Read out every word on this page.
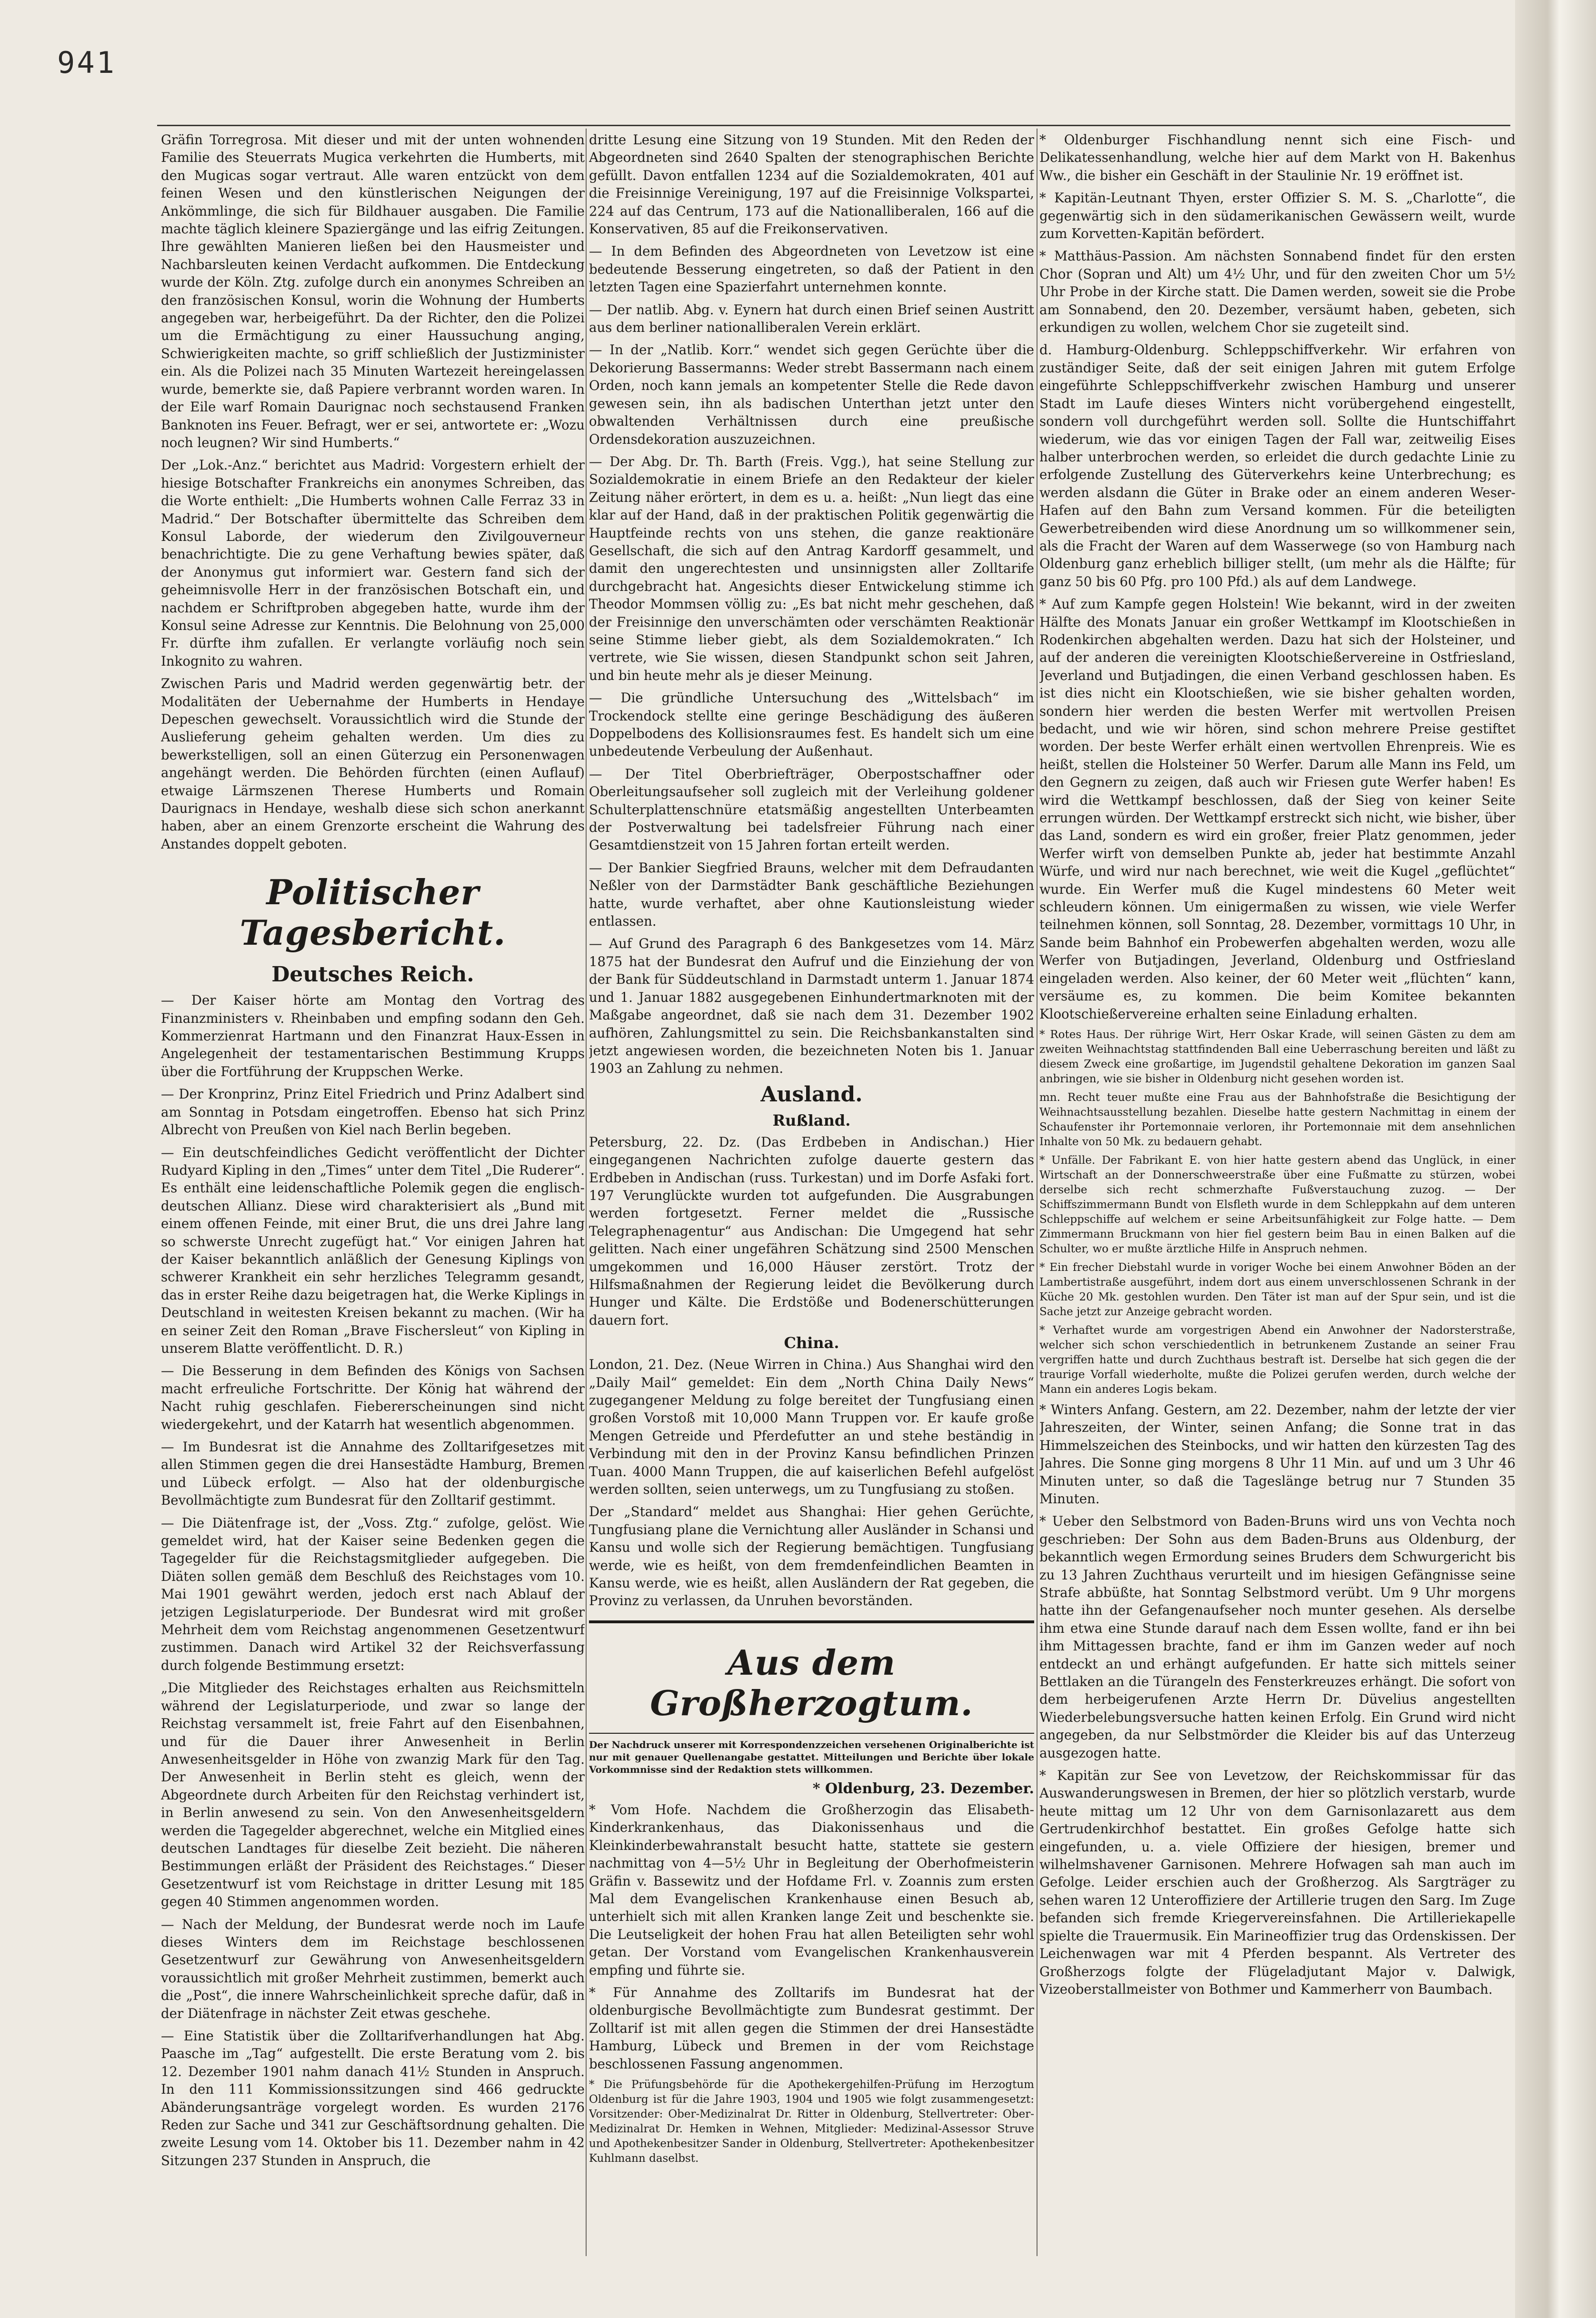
941

Gräfin Torregrosa. Mit dieser und mit der unten wohnenden Familie des Steuerrats Mugica verkehrten die Humberts, mit den Mugicas sogar vertraut. Alle waren entzückt von dem feinen Wesen und den künstlerischen Neigungen der Ankömmlinge, die sich für Bildhauer ausgaben. Die Familie machte täglich kleinere Spaziergänge und las eifrig Zeitungen. Ihre gewählten Manieren ließen bei den Hausmeister und Nachbarsleuten keinen Verdacht aufkommen. Die Entdeckung wurde der Köln. Ztg. zufolge durch ein anonymes Schreiben an den französischen Konsul, worin die Wohnung der Humberts angegeben war, herbeigeführt. Da der Richter, den die Polizei um die Ermächtigung zu einer Haussuchung anging, Schwierigkeiten machte, so griff schließlich der Justizminister ein. Als die Polizei nach 35 Minuten Wartezeit hereingelassen wurde, bemerkte sie, daß Papiere verbrannt worden waren. In der Eile warf Romain Daurignac noch sechstausend Franken Banknoten ins Feuer. Befragt, wer er sei, antwortete er: „Wozu noch leugnen? Wir sind Humberts.“

Der „Lok.-Anz.“ berichtet aus Madrid: Vorgestern erhielt der hiesige Botschafter Frankreichs ein anonymes Schreiben, das die Worte enthielt: „Die Humberts wohnen Calle Ferraz 33 in Madrid.“ Der Botschafter übermittelte das Schreiben dem Konsul Laborde, der wiederum den Zivilgouverneur benachrichtigte. Die zu gene Verhaftung bewies später, daß der Anonymus gut informiert war. Gestern fand sich der geheimnisvolle Herr in der französischen Botschaft ein, und nachdem er Schriftproben abgegeben hatte, wurde ihm der Konsul seine Adresse zur Kenntnis. Die Belohnung von 25,000 Fr. dürfte ihm zufallen. Er verlangte vorläufig noch sein Inkognito zu wahren.

Zwischen Paris und Madrid werden gegenwärtig betr. der Modalitäten der Uebernahme der Humberts in Hendaye Depeschen gewechselt. Voraussichtlich wird die Stunde der Auslieferung geheim gehalten werden. Um dies zu bewerkstelligen, soll an einen Güterzug ein Personenwagen angehängt werden. Die Behörden fürchten (einen Auflauf) etwaige Lärmszenen Therese Humberts und Romain Daurignacs in Hendaye, weshalb diese sich schon anerkannt haben, aber an einem Grenzorte erscheint die Wahrung des Anstandes doppelt geboten.

Politischer Tagesbericht.
Deutsches Reich.

— Der Kaiser hörte am Montag den Vortrag des Finanzministers v. Rheinbaben und empfing sodann den Geh. Kommerzienrat Hartmann und den Finanzrat Haux-Essen in Angelegenheit der testamentarischen Bestimmung Krupps über die Fortführung der Kruppschen Werke.

— Der Kronprinz, Prinz Eitel Friedrich und Prinz Adalbert sind am Sonntag in Potsdam eingetroffen. Ebenso hat sich Prinz Albrecht von Preußen von Kiel nach Berlin begeben.

— Ein deutschfeindliches Gedicht veröffentlicht der Dichter Rudyard Kipling in den „Times“ unter dem Titel „Die Ruderer“. Es enthält eine leidenschaftliche Polemik gegen die englisch-deutschen Allianz. Diese wird charakterisiert als „Bund mit einem offenen Feinde, mit einer Brut, die uns drei Jahre lang so schwerste Unrecht zugefügt hat.“ Vor einigen Jahren hat der Kaiser bekanntlich anläßlich der Genesung Kiplings von schwerer Krankheit ein sehr herzliches Telegramm gesandt, das in erster Reihe dazu beigetragen hat, die Werke Kiplings in Deutschland in weitesten Kreisen bekannt zu machen. (Wir ha en seiner Zeit den Roman „Brave Fischersleut“ von Kipling in unserem Blatte veröffentlicht. D. R.)

— Die Besserung in dem Befinden des Königs von Sachsen macht erfreuliche Fortschritte. Der König hat während der Nacht ruhig geschlafen. Fiebererscheinungen sind nicht wiedergekehrt, und der Katarrh hat wesentlich abgenommen.

— Im Bundesrat ist die Annahme des Zolltarifgesetzes mit allen Stimmen gegen die drei Hansestädte Hamburg, Bremen und Lübeck erfolgt. — Also hat der oldenburgische Bevollmächtigte zum Bundesrat für den Zolltarif gestimmt.

— Die Diätenfrage ist, der „Voss. Ztg.“ zufolge, gelöst. Wie gemeldet wird, hat der Kaiser seine Bedenken gegen die Tagegelder für die Reichstagsmitglieder aufgegeben. Die Diäten sollen gemäß dem Beschluß des Reichstages vom 10. Mai 1901 gewährt werden, jedoch erst nach Ablauf der jetzigen Legislaturperiode. Der Bundesrat wird mit großer Mehrheit dem vom Reichstag angenommenen Gesetzentwurf zustimmen. Danach wird Artikel 32 der Reichsverfassung durch folgende Bestimmung ersetzt:

„Die Mitglieder des Reichstages erhalten aus Reichsmitteln während der Legislaturperiode, und zwar so lange der Reichstag versammelt ist, freie Fahrt auf den Eisenbahnen, und für die Dauer ihrer Anwesenheit in Berlin Anwesenheitsgelder in Höhe von zwanzig Mark für den Tag. Der Anwesenheit in Berlin steht es gleich, wenn der Abgeordnete durch Arbeiten für den Reichstag verhindert ist, in Berlin anwesend zu sein. Von den Anwesenheitsgeldern werden die Tagegelder abgerechnet, welche ein Mitglied eines deutschen Landtages für dieselbe Zeit bezieht. Die näheren Bestimmungen erläßt der Präsident des Reichstages.“ Dieser Gesetzentwurf ist vom Reichstage in dritter Lesung mit 185 gegen 40 Stimmen angenommen worden.

— Nach der Meldung, der Bundesrat werde noch im Laufe dieses Winters dem im Reichstage beschlossenen Gesetzentwurf zur Gewährung von Anwesenheitsgeldern voraussichtlich mit großer Mehrheit zustimmen, bemerkt auch die „Post“, die innere Wahrscheinlichkeit spreche dafür, daß in der Diätenfrage in nächster Zeit etwas geschehe.

— Eine Statistik über die Zolltarifverhandlungen hat Abg. Paasche im „Tag“ aufgestellt. Die erste Beratung vom 2. bis 12. Dezember 1901 nahm danach 41½ Stunden in Anspruch. In den 111 Kommissionssitzungen sind 466 gedruckte Abänderungsanträge vorgelegt worden. Es wurden 2176 Reden zur Sache und 341 zur Geschäftsordnung gehalten. Die zweite Lesung vom 14. Oktober bis 11. Dezember nahm in 42 Sitzungen 237 Stunden in Anspruch, die

dritte Lesung eine Sitzung von 19 Stunden. Mit den Reden der Abgeordneten sind 2640 Spalten der stenographischen Berichte gefüllt. Davon entfallen 1234 auf die Sozialdemokraten, 401 auf die Freisinnige Vereinigung, 197 auf die Freisinnige Volkspartei, 224 auf das Centrum, 173 auf die Nationalliberalen, 166 auf die Konservativen, 85 auf die Freikonservativen.

— In dem Befinden des Abgeordneten von Levetzow ist eine bedeutende Besserung eingetreten, so daß der Patient in den letzten Tagen eine Spazierfahrt unternehmen konnte.

— Der natlib. Abg. v. Eynern hat durch einen Brief seinen Austritt aus dem berliner nationalliberalen Verein erklärt.

— In der „Natlib. Korr.“ wendet sich gegen Gerüchte über die Dekorierung Bassermanns: Weder strebt Bassermann nach einem Orden, noch kann jemals an kompetenter Stelle die Rede davon gewesen sein, ihn als badischen Unterthan jetzt unter den obwaltenden Verhältnissen durch eine preußische Ordensdekoration auszuzeichnen.

— Der Abg. Dr. Th. Barth (Freis. Vgg.), hat seine Stellung zur Sozialdemokratie in einem Briefe an den Redakteur der kieler Zeitung näher erörtert, in dem es u. a. heißt: „Nun liegt das eine klar auf der Hand, daß in der praktischen Politik gegenwärtig die Hauptfeinde rechts von uns stehen, die ganze reaktionäre Gesellschaft, die sich auf den Antrag Kardorff gesammelt, und damit den ungerechtesten und unsinnigsten aller Zolltarife durchgebracht hat. Angesichts dieser Entwickelung stimme ich Theodor Mommsen völlig zu: „Es bat nicht mehr geschehen, daß der Freisinnige den unverschämten oder verschämten Reaktionär seine Stimme lieber giebt, als dem Sozialdemokraten.“ Ich vertrete, wie Sie wissen, diesen Standpunkt schon seit Jahren, und bin heute mehr als je dieser Meinung.

— Die gründliche Untersuchung des „Wittelsbach“ im Trockendock stellte eine geringe Beschädigung des äußeren Doppelbodens des Kollisionsraumes fest. Es handelt sich um eine unbedeutende Verbeulung der Außenhaut.

— Der Titel Oberbriefträger, Oberpostschaffner oder Oberleitungsaufseher soll zugleich mit der Verleihung goldener Schulterplattenschnüre etatsmäßig angestellten Unterbeamten der Postverwaltung bei tadelsfreier Führung nach einer Gesamtdienstzeit von 15 Jahren fortan erteilt werden.

— Der Bankier Siegfried Brauns, welcher mit dem Defraudanten Neßler von der Darmstädter Bank geschäftliche Beziehungen hatte, wurde verhaftet, aber ohne Kautionsleistung wieder entlassen.

— Auf Grund des Paragraph 6 des Bankgesetzes vom 14. März 1875 hat der Bundesrat den Aufruf und die Einziehung der von der Bank für Süddeutschland in Darmstadt unterm 1. Januar 1874 und 1. Januar 1882 ausgegebenen Einhundertmarknoten mit der Maßgabe angeordnet, daß sie nach dem 31. Dezember 1902 aufhören, Zahlungsmittel zu sein. Die Reichsbankanstalten sind jetzt angewiesen worden, die bezeichneten Noten bis 1. Januar 1903 an Zahlung zu nehmen.

Ausland.
Rußland.

Petersburg, 22. Dz. (Das Erdbeben in Andischan.) Hier eingegangenen Nachrichten zufolge dauerte gestern das Erdbeben in Andischan (russ. Turkestan) und im Dorfe Asfaki fort. 197 Verunglückte wurden tot aufgefunden. Die Ausgrabungen werden fortgesetzt. Ferner meldet die „Russische Telegraphenagentur“ aus Andischan: Die Umgegend hat sehr gelitten. Nach einer ungefähren Schätzung sind 2500 Menschen umgekommen und 16,000 Häuser zerstört. Trotz der Hilfsmaßnahmen der Regierung leidet die Bevölkerung durch Hunger und Kälte. Die Erdstöße und Bodenerschütterungen dauern fort.

China.

London, 21. Dez. (Neue Wirren in China.) Aus Shanghai wird den „Daily Mail“ gemeldet: Ein dem „North China Daily News“ zugegangener Meldung zu folge bereitet der Tungfusiang einen großen Vorstoß mit 10,000 Mann Truppen vor. Er kaufe große Mengen Getreide und Pferdefutter an und stehe beständig in Verbindung mit den in der Provinz Kansu befindlichen Prinzen Tuan. 4000 Mann Truppen, die auf kaiserlichen Befehl aufgelöst werden sollten, seien unterwegs, um zu Tungfusiang zu stoßen.

Der „Standard“ meldet aus Shanghai: Hier gehen Gerüchte, Tungfusiang plane die Vernichtung aller Ausländer in Schansi und Kansu und wolle sich der Regierung bemächtigen. Tungfusiang werde, wie es heißt, von dem fremdenfeindlichen Beamten in Kansu werde, wie es heißt, allen Ausländern der Rat gegeben, die Provinz zu verlassen, da Unruhen bevorständen.

Aus dem Großherzogtum.

Der Nachdruck unserer mit Korrespondenzzeichen versehenen Originalberichte ist nur mit genauer Quellenangabe gestattet. Mitteilungen und Berichte über lokale Vorkommnisse sind der Redaktion stets willkommen.

* Oldenburg, 23. Dezember.

* Vom Hofe. Nachdem die Großherzogin das Elisabeth-Kinderkrankenhaus, das Diakonissenhaus und die Kleinkinderbewahranstalt besucht hatte, stattete sie gestern nachmittag von 4—5½ Uhr in Begleitung der Oberhofmeisterin Gräfin v. Bassewitz und der Hofdame Frl. v. Zoannis zum ersten Mal dem Evangelischen Krankenhause einen Besuch ab, unterhielt sich mit allen Kranken lange Zeit und beschenkte sie. Die Leutseligkeit der hohen Frau hat allen Beteiligten sehr wohl getan. Der Vorstand vom Evangelischen Krankenhausverein empfing und führte sie.

* Für Annahme des Zolltarifs im Bundesrat hat der oldenburgische Bevollmächtigte zum Bundesrat gestimmt. Der Zolltarif ist mit allen gegen die Stimmen der drei Hansestädte Hamburg, Lübeck und Bremen in der vom Reichstage beschlossenen Fassung angenommen.

* Die Prüfungsbehörde für die Apothekergehilfen-Prüfung im Herzogtum Oldenburg ist für die Jahre 1903, 1904 und 1905 wie folgt zusammengesetzt: Vorsitzender: Ober-Medizinalrat Dr. Ritter in Oldenburg, Stellvertreter: Ober-Medizinalrat Dr. Hemken in Wehnen, Mitglieder: Medizinal-Assessor Struve und Apothekenbesitzer Sander in Oldenburg, Stellvertreter: Apothekenbesitzer Kuhlmann daselbst.

* Oldenburger Fischhandlung nennt sich eine Fisch- und Delikatessenhandlung, welche hier auf dem Markt von H. Bakenhus Ww., die bisher ein Geschäft in der Staulinie Nr. 19 eröffnet ist.

* Kapitän-Leutnant Thyen, erster Offizier S. M. S. „Charlotte“, die gegenwärtig sich in den südamerikanischen Gewässern weilt, wurde zum Korvetten-Kapitän befördert.

* Matthäus-Passion. Am nächsten Sonnabend findet für den ersten Chor (Sopran und Alt) um 4½ Uhr, und für den zweiten Chor um 5½ Uhr Probe in der Kirche statt. Die Damen werden, soweit sie die Probe am Sonnabend, den 20. Dezember, versäumt haben, gebeten, sich erkundigen zu wollen, welchem Chor sie zugeteilt sind.

d. Hamburg-Oldenburg. Schleppschiffverkehr. Wir erfahren von zuständiger Seite, daß der seit einigen Jahren mit gutem Erfolge eingeführte Schleppschiffverkehr zwischen Hamburg und unserer Stadt im Laufe dieses Winters nicht vorübergehend eingestellt, sondern voll durchgeführt werden soll. Sollte die Huntschiffahrt wiederum, wie das vor einigen Tagen der Fall war, zeitweilig Eises halber unterbrochen werden, so erleidet die durch gedachte Linie zu erfolgende Zustellung des Güterverkehrs keine Unterbrechung; es werden alsdann die Güter in Brake oder an einem anderen Weser-Hafen auf den Bahn zum Versand kommen. Für die beteiligten Gewerbetreibenden wird diese Anordnung um so willkommener sein, als die Fracht der Waren auf dem Wasserwege (so von Hamburg nach Oldenburg ganz erheblich billiger stellt, (um mehr als die Hälfte; für ganz 50 bis 60 Pfg. pro 100 Pfd.) als auf dem Landwege.

* Auf zum Kampfe gegen Holstein! Wie bekannt, wird in der zweiten Hälfte des Monats Januar ein großer Wettkampf im Klootschießen in Rodenkirchen abgehalten werden. Dazu hat sich der Holsteiner, und auf der anderen die vereinigten Klootschießervereine in Ostfriesland, Jeverland und Butjadingen, die einen Verband geschlossen haben. Es ist dies nicht ein Klootschießen, wie sie bisher gehalten worden, sondern hier werden die besten Werfer mit wertvollen Preisen bedacht, und wie wir hören, sind schon mehrere Preise gestiftet worden. Der beste Werfer erhält einen wertvollen Ehrenpreis. Wie es heißt, stellen die Holsteiner 50 Werfer. Darum alle Mann ins Feld, um den Gegnern zu zeigen, daß auch wir Friesen gute Werfer haben! Es wird die Wettkampf beschlossen, daß der Sieg von keiner Seite errungen würden. Der Wettkampf erstreckt sich nicht, wie bisher, über das Land, sondern es wird ein großer, freier Platz genommen, jeder Werfer wirft von demselben Punkte ab, jeder hat bestimmte Anzahl Würfe, und wird nur nach berechnet, wie weit die Kugel „geflüchtet“ wurde. Ein Werfer muß die Kugel mindestens 60 Meter weit schleudern können. Um einigermaßen zu wissen, wie viele Werfer teilnehmen können, soll Sonntag, 28. Dezember, vormittags 10 Uhr, in Sande beim Bahnhof ein Probewerfen abgehalten werden, wozu alle Werfer von Butjadingen, Jeverland, Oldenburg und Ostfriesland eingeladen werden. Also keiner, der 60 Meter weit „flüchten“ kann, versäume es, zu kommen. Die beim Komitee bekannten Klootschießervereine erhalten seine Einladung erhalten.

* Rotes Haus. Der rührige Wirt, Herr Oskar Krade, will seinen Gästen zu dem am zweiten Weihnachtstag stattfindenden Ball eine Ueberraschung bereiten und läßt zu diesem Zweck eine großartige, im Jugendstil gehaltene Dekoration im ganzen Saal anbringen, wie sie bisher in Oldenburg nicht gesehen worden ist.

mn. Recht teuer mußte eine Frau aus der Bahnhofstraße die Besichtigung der Weihnachtsausstellung bezahlen. Dieselbe hatte gestern Nachmittag in einem der Schaufenster ihr Portemonnaie verloren, ihr Portemonnaie mit dem ansehnlichen Inhalte von 50 Mk. zu bedauern gehabt.

* Unfälle. Der Fabrikant E. von hier hatte gestern abend das Unglück, in einer Wirtschaft an der Donnerschweerstraße über eine Fußmatte zu stürzen, wobei derselbe sich recht schmerzhafte Fußverstauchung zuzog. — Der Schiffszimmermann Bundt von Elsfleth wurde in dem Schleppkahn auf dem unteren Schleppschiffe auf welchem er seine Arbeitsunfähigkeit zur Folge hatte. — Dem Zimmermann Bruckmann von hier fiel gestern beim Bau in einen Balken auf die Schulter, wo er mußte ärztliche Hilfe in Anspruch nehmen.

* Ein frecher Diebstahl wurde in voriger Woche bei einem Anwohner Böden an der Lambertistraße ausgeführt, indem dort aus einem unverschlossenen Schrank in der Küche 20 Mk. gestohlen wurden. Den Täter ist man auf der Spur sein, und ist die Sache jetzt zur Anzeige gebracht worden.

* Verhaftet wurde am vorgestrigen Abend ein Anwohner der Nadorsterstraße, welcher sich schon verschiedentlich in betrunkenem Zustande an seiner Frau vergriffen hatte und durch Zuchthaus bestraft ist. Derselbe hat sich gegen die der traurige Vorfall wiederholte, mußte die Polizei gerufen werden, durch welche der Mann ein anderes Logis bekam.

* Winters Anfang. Gestern, am 22. Dezember, nahm der letzte der vier Jahreszeiten, der Winter, seinen Anfang; die Sonne trat in das Himmelszeichen des Steinbocks, und wir hatten den kürzesten Tag des Jahres. Die Sonne ging morgens 8 Uhr 11 Min. auf und um 3 Uhr 46 Minuten unter, so daß die Tageslänge betrug nur 7 Stunden 35 Minuten.

* Ueber den Selbstmord von Baden-Bruns wird uns von Vechta noch geschrieben: Der Sohn aus dem Baden-Bruns aus Oldenburg, der bekanntlich wegen Ermordung seines Bruders dem Schwurgericht bis zu 13 Jahren Zuchthaus verurteilt und im hiesigen Gefängnisse seine Strafe abbüßte, hat Sonntag Selbstmord verübt. Um 9 Uhr morgens hatte ihn der Gefangenaufseher noch munter gesehen. Als derselbe ihm etwa eine Stunde darauf nach dem Essen wollte, fand er ihn bei ihm Mittagessen brachte, fand er ihm im Ganzen weder auf noch entdeckt an und erhängt aufgefunden. Er hatte sich mittels seiner Bettlaken an die Türangeln des Fensterkreuzes erhängt. Die sofort von dem herbeigerufenen Arzte Herrn Dr. Düvelius angestellten Wiederbelebungsversuche hatten keinen Erfolg. Ein Grund wird nicht angegeben, da nur Selbstmörder die Kleider bis auf das Unterzeug ausgezogen hatte.

* Kapitän zur See von Levetzow, der Reichskommissar für das Auswanderungswesen in Bremen, der hier so plötzlich verstarb, wurde heute mittag um 12 Uhr von dem Garnisonlazarett aus dem Gertrudenkirchhof bestattet. Ein großes Gefolge hatte sich eingefunden, u. a. viele Offiziere der hiesigen, bremer und wilhelmshavener Garnisonen. Mehrere Hofwagen sah man auch im Gefolge. Leider erschien auch der Großherzog. Als Sargträger zu sehen waren 12 Unteroffiziere der Artillerie trugen den Sarg. Im Zuge befanden sich fremde Kriegervereinsfahnen. Die Artilleriekapelle spielte die Trauermusik. Ein Marineoffizier trug das Ordenskissen. Der Leichenwagen war mit 4 Pferden bespannt. Als Vertreter des Großherzogs folgte der Flügeladjutant Major v. Dalwigk, Vizeoberstallmeister von Bothmer und Kammerherr von Baumbach.
